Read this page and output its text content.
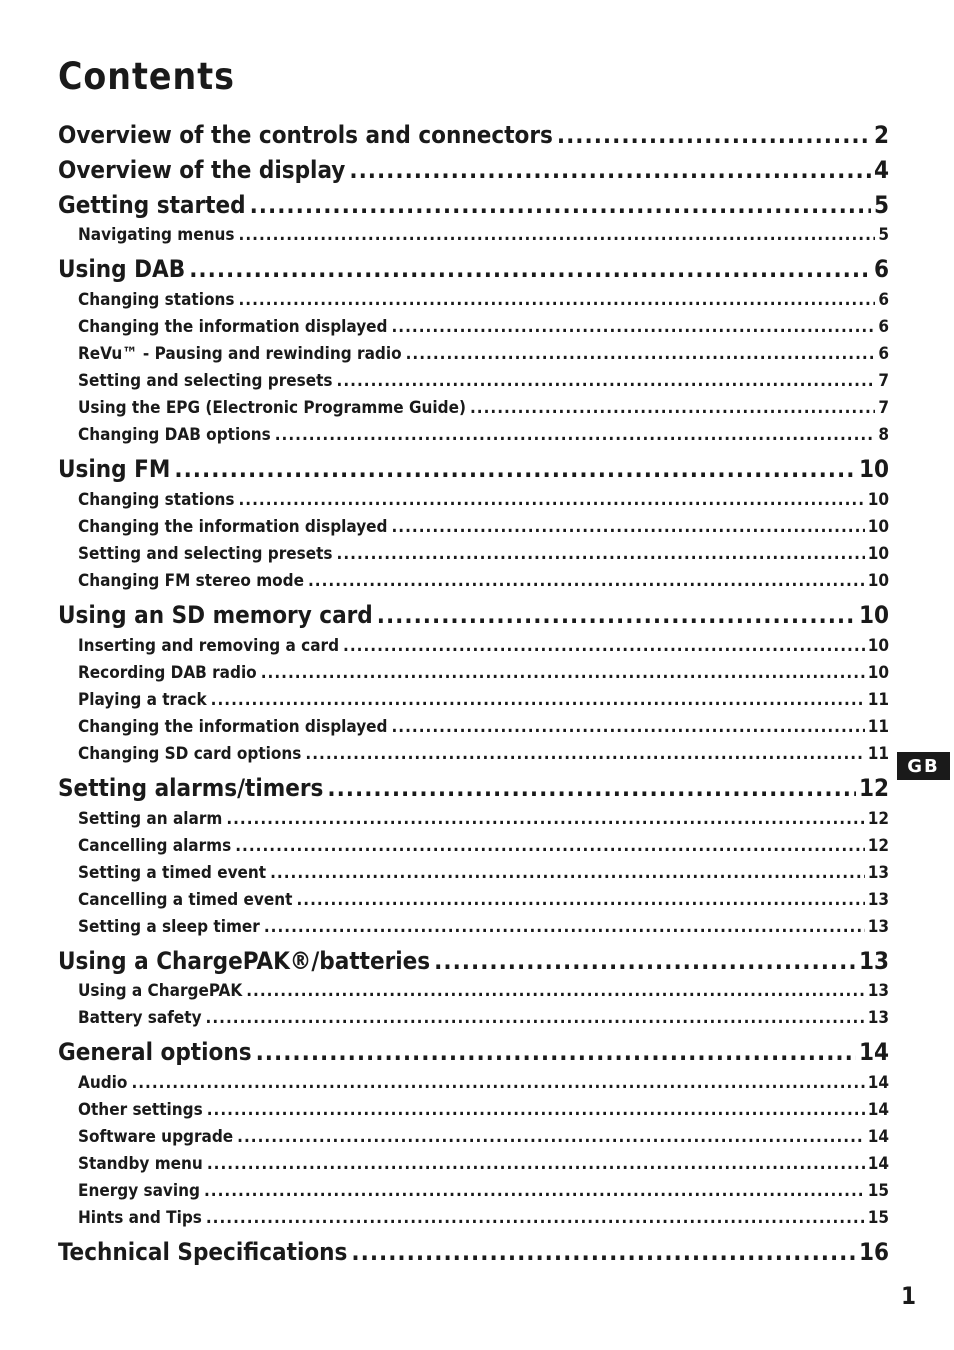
Contents
Overview of the controls and connectors .....	2
Overview of the display .....	4
Getting started .....	5
Navigating menus .....	5
Using DAB .....	6
Changing stations .....	6
Changing the information displayed .....	6
ReVu™ - Pausing and rewinding radio .....	6
Setting and selecting presets .....	7
Using the EPG (Electronic Programme Guide) .....	7
Changing DAB options .....	8
Using FM .....	10
Changing stations .....	10
Changing the information displayed .....	10
Setting and selecting presets .....	10
Changing FM stereo mode .....	10
Using an SD memory card .....	10
Inserting and removing a card .....	10
Recording DAB radio .....	10
Playing a track .....	11
Changing the information displayed .....	11
Changing SD card options .....	11
Setting alarms/timers .....	12
Setting an alarm .....	12
Cancelling alarms .....	12
Setting a timed event .....	13
Cancelling a timed event .....	13
Setting a sleep timer .....	13
Using a ChargePAK®/batteries .....	13
Using a ChargePAK .....	13
Battery safety .....	13
General options .....	14
Audio .....	14
Other settings .....	14
Software upgrade .....	14
Standby menu .....	14
Energy saving .....	15
Hints and Tips .....	15
Technical Specifications .....	16
GB
1
